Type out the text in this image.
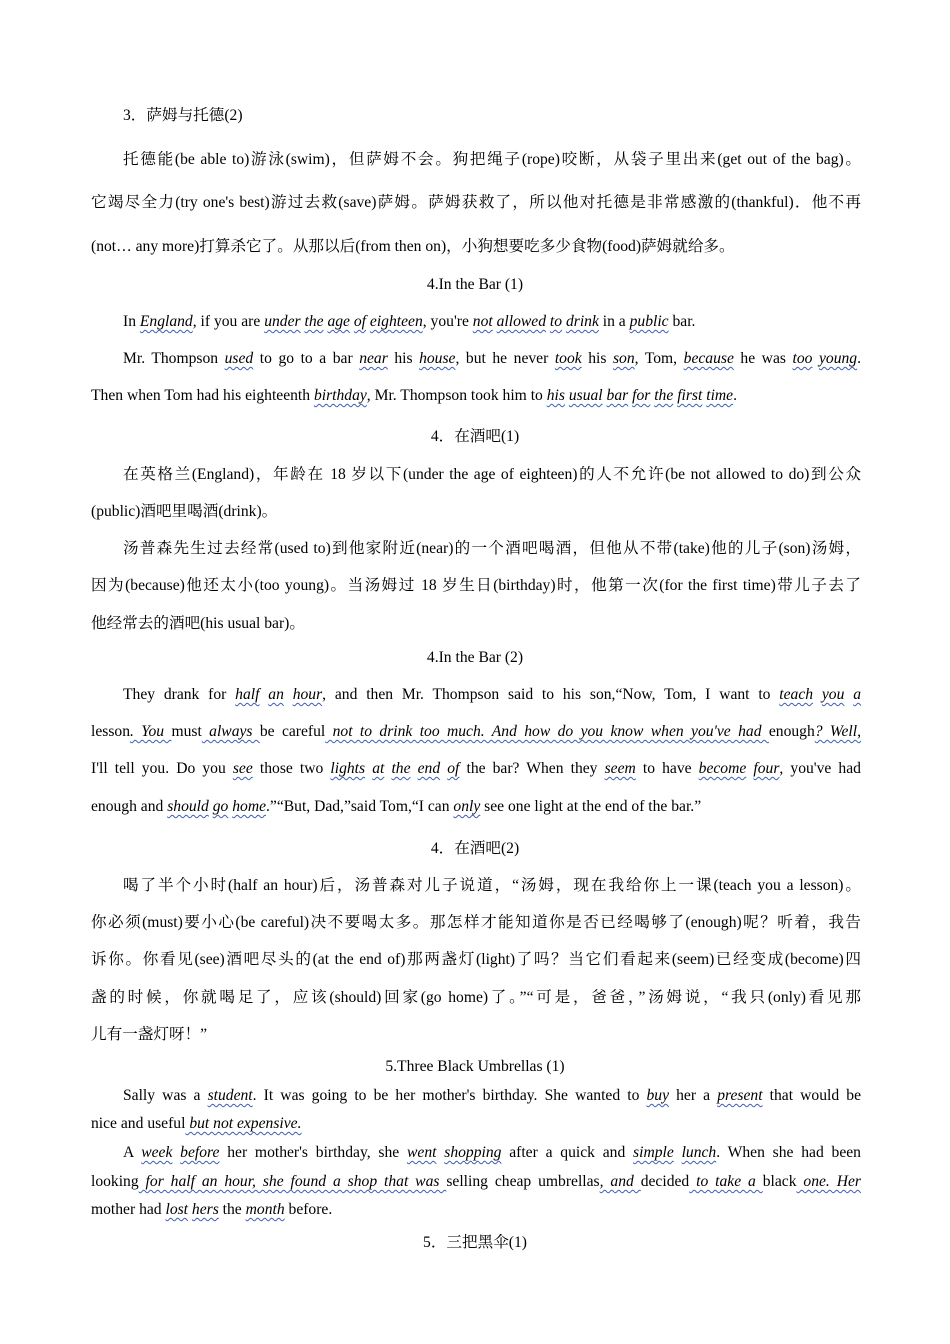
3．萨姆与托德(2)
托德能(be able to)游泳(swim)，但萨姆不会。狗把绳子(rope)咬断，从袋子里出来(get out of the bag)。
它竭尽全力(try one's best)游过去救(save)萨姆。萨姆获救了，所以他对托德是非常感激的(thankful)．他不再
(not… any more)打算杀它了。从那以后(from then on)，小狗想要吃多少食物(food)萨姆就给多。
4.In the Bar (1)
In England, if you are under the age of eighteen, you're not allowed to drink in a public bar.
Mr. Thompson used to go to a bar near his house, but he never took his son, Tom, because he was too young.
Then when Tom had his eighteenth birthday, Mr. Thompson took him to his usual bar for the first time.
4．在酒吧(1)
在英格兰(England)，年龄在 18 岁以下(under the age of eighteen)的人不允许(be not allowed to do)到公众
(public)酒吧里喝酒(drink)。
汤普森先生过去经常(used to)到他家附近(near)的一个酒吧喝酒，但他从不带(take)他的儿子(son)汤姆，
因为(because)他还太小(too young)。当汤姆过 18 岁生日(birthday)时，他第一次(for the first time)带儿子去了
他经常去的酒吧(his usual bar)。
4.In the Bar (2)
They drank for half an hour, and then Mr. Thompson said to his son,“Now, Tom, I want to teach you a
lesson. You must always be careful not to drink too much. And how do you know when you've had enough? Well,
I'll tell you. Do you see those two lights at the end of the bar? When they seem to have become four, you've had
enough and should go home.”“But, Dad,”said Tom,“I can only see one light at the end of the bar.”
4．在酒吧(2)
喝了半个小时(half an hour)后，汤普森对儿子说道，“汤姆，现在我给你上一课(teach you a lesson)。
你必须(must)要小心(be careful)决不要喝太多。那怎样才能知道你是否已经喝够了(enough)呢？听着，我告
诉你。你看见(see)酒吧尽头的(at the end of)那两盏灯(light)了吗？当它们看起来(seem)已经变成(become)四
盏的时候，你就喝足了，应该(should)回家(go home)了。”“可是，爸爸，”汤姆说，“我只(only)看见那
儿有一盏灯呀！”
5.Three Black Umbrellas (1)
Sally was a student. It was going to be her mother's birthday. She wanted to buy her a present that would be
nice and useful but not expensive.
A week before her mother's birthday, she went shopping after a quick and simple lunch. When she had been
looking for half an hour, she found a shop that was selling cheap umbrellas, and decided to take a black one. Her
mother had lost hers the month before.
5．三把黑伞(1)
